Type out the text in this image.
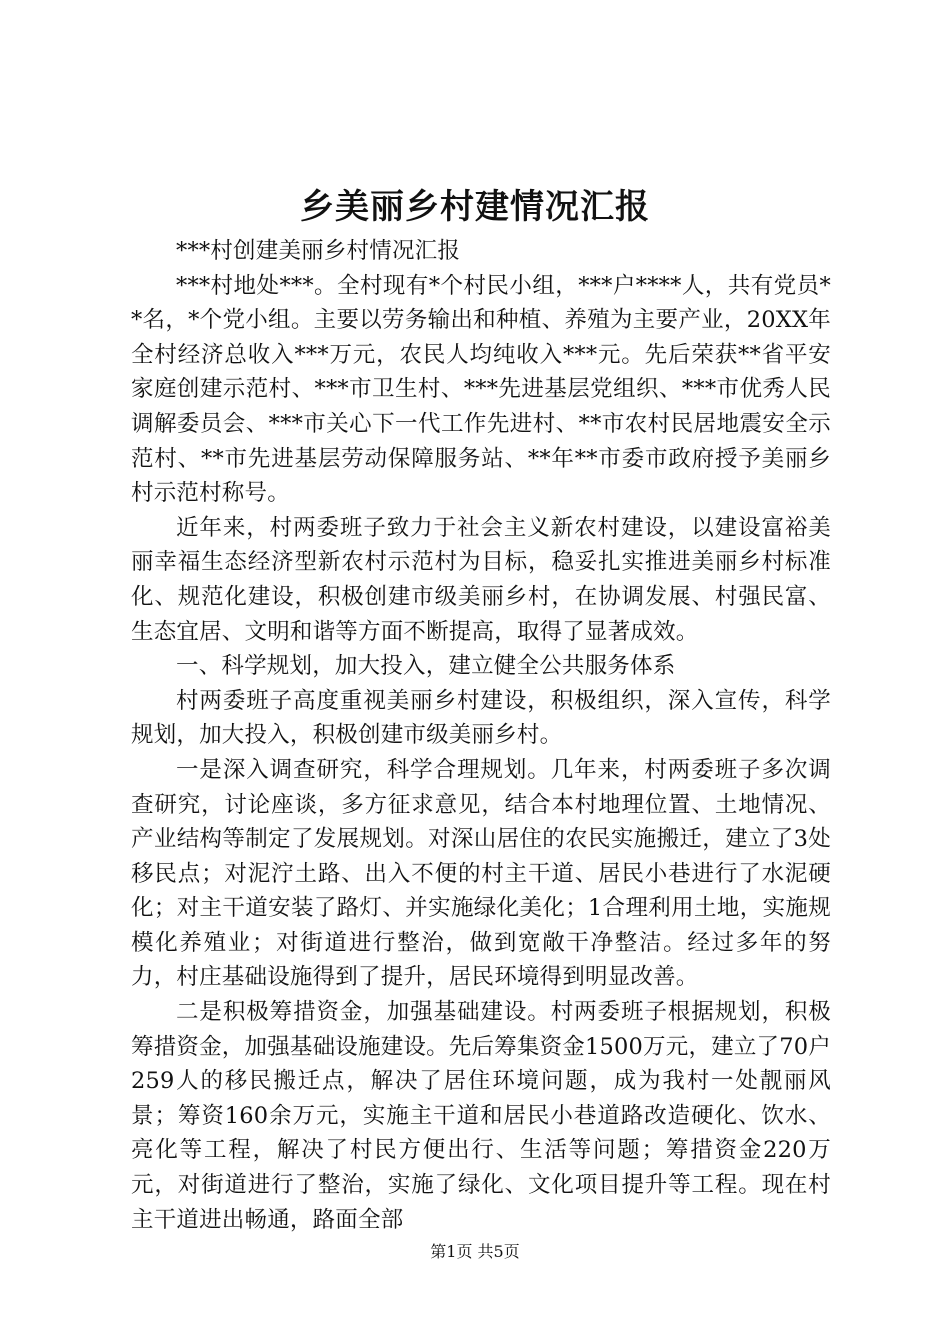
乡美丽乡村建情况汇报

***村创建美丽乡村情况汇报

***村地处***。全村现有*个村民小组，***户****人，共有党员**名，*个党小组。主要以劳务输出和种植、养殖为主要产业，20XX年全村经济总收入***万元，农民人均纯收入***元。先后荣获**省平安家庭创建示范村、***市卫生村、***先进基层党组织、***市优秀人民调解委员会、***市关心下一代工作先进村、**市农村民居地震安全示范村、**市先进基层劳动保障服务站、**年**市委市政府授予美丽乡村示范村称号。

近年来，村两委班子致力于社会主义新农村建设，以建设富裕美丽幸福生态经济型新农村示范村为目标，稳妥扎实推进美丽乡村标准化、规范化建设，积极创建市级美丽乡村，在协调发展、村强民富、生态宜居、文明和谐等方面不断提高，取得了显著成效。

一、科学规划，加大投入，建立健全公共服务体系

村两委班子高度重视美丽乡村建设，积极组织，深入宣传，科学规划，加大投入，积极创建市级美丽乡村。

一是深入调查研究，科学合理规划。几年来，村两委班子多次调查研究，讨论座谈，多方征求意见，结合本村地理位置、土地情况、产业结构等制定了发展规划。对深山居住的农民实施搬迁，建立了3处移民点；对泥泞土路、出入不便的村主干道、居民小巷进行了水泥硬化；对主干道安装了路灯、并实施绿化美化；1合理利用土地，实施规模化养殖业；对街道进行整治，做到宽敞干净整洁。经过多年的努力，村庄基础设施得到了提升，居民环境得到明显改善。

二是积极筹措资金，加强基础建设。村两委班子根据规划，积极筹措资金，加强基础设施建设。先后筹集资金1500万元，建立了70户259人的移民搬迁点，解决了居住环境问题，成为我村一处靓丽风景；筹资160余万元，实施主干道和居民小巷道路改造硬化、饮水、亮化等工程，解决了村民方便出行、生活等问题；筹措资金220万元，对街道进行了整治，实施了绿化、文化项目提升等工程。现在村主干道进出畅通，路面全部

第1页 共5页
